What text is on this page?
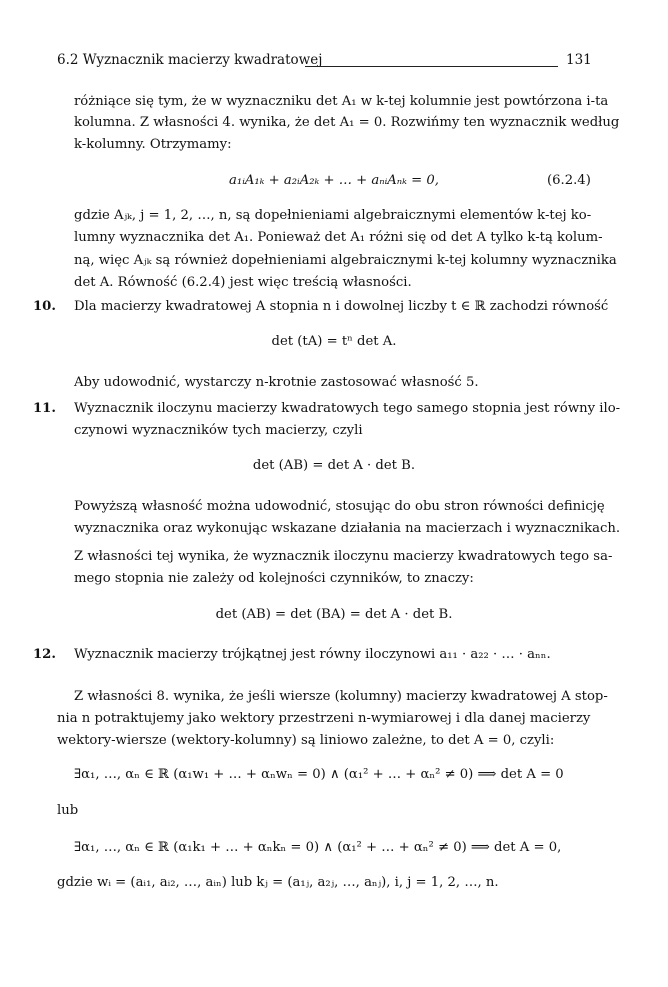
6.2 Wyznacznik macierzy kwadratowej	131
różniące się tym, że w wyznaczniku det A₁ w k-tej kolumnie jest powtórzona i-ta
kolumna. Z własności 4. wynika, że det A₁ = 0. Rozwińmy ten wyznacznik według
k-kolumny. Otrzymamy:
a₁ᵢA₁ₖ + a₂ᵢA₂ₖ + … + aₙᵢAₙₖ = 0,	(6.2.4)
gdzie Aⱼₖ, j = 1, 2, …, n, są dopełnieniami algebraicznymi elementów k-tej ko-
lumny wyznacznika det A₁. Ponieważ det A₁ różni się od det A tylko k-tą kolum-
ną, więc Aⱼₖ są również dopełnieniami algebraicznymi k-tej kolumny wyznacznika
det A. Równość (6.2.4) jest więc treścią własności.
10. Dla macierzy kwadratowej A stopnia n i dowolnej liczby t ∈ ℝ zachodzi równość
det (tA) = tⁿ det A.
Aby udowodnić, wystarczy n-krotnie zastosować własność 5.
11. Wyznacznik iloczynu macierzy kwadratowych tego samego stopnia jest równy ilo-
czynowi wyznaczników tych macierzy, czyli
det (AB) = det A · det B.
Powyższą własność można udowodnić, stosując do obu stron równości definicję
wyznacznika oraz wykonując wskazane działania na macierzach i wyznacznikach.
Z własności tej wynika, że wyznacznik iloczynu macierzy kwadratowych tego sa-
mego stopnia nie zależy od kolejności czynników, to znaczy:
det (AB) = det (BA) = det A · det B.
12. Wyznacznik macierzy trójkątnej jest równy iloczynowi a₁₁ · a₂₂ · … · aₙₙ.
Z własności 8. wynika, że jeśli wiersze (kolumny) macierzy kwadratowej A stop-
nia n potraktujemy jako wektory przestrzeni n-wymiarowej i dla danej macierzy
wektory-wiersze (wektory-kolumny) są liniowo zależne, to det A = 0, czyli:
∃α₁, …, αₙ ∈ ℝ (α₁w₁ + … + αₙwₙ = 0) ∧ (α₁² + … + αₙ² ≠ 0) ⟹ det A = 0
lub
∃α₁, …, αₙ ∈ ℝ (α₁k₁ + … + αₙkₙ = 0) ∧ (α₁² + … + αₙ² ≠ 0) ⟹ det A = 0,
gdzie wᵢ = (aᵢ₁, aᵢ₂, …, aᵢₙ) lub kⱼ = (a₁ⱼ, a₂ⱼ, …, aₙⱼ), i, j = 1, 2, …, n.
